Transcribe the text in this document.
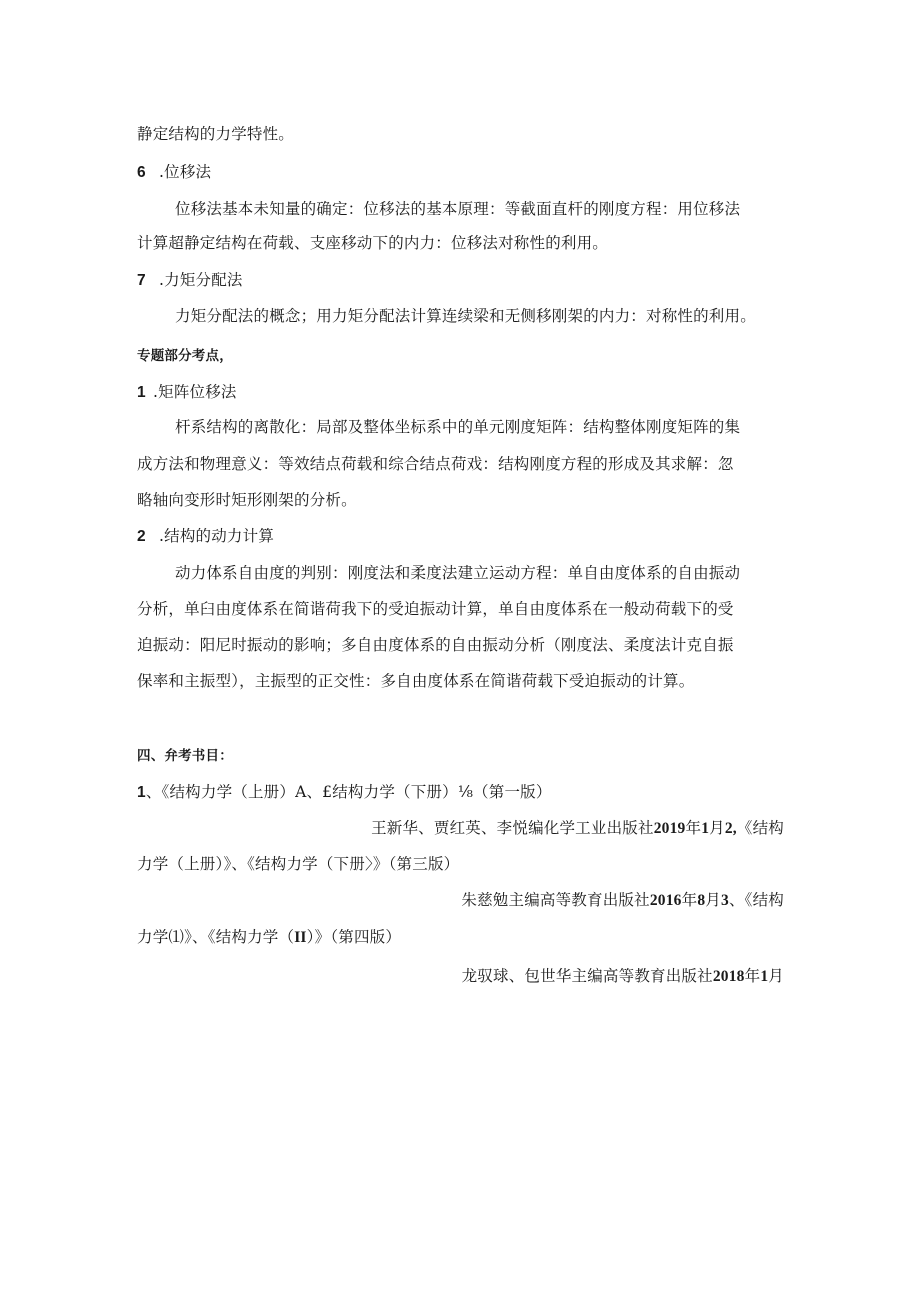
静定结构的力学特性。
6 .位移法
位移法基本未知量的确定：位移法的基本原理：等截面直杆的刚度方程：用位移法
计算超静定结构在荷载、支座移动下的内力：位移法对称性的利用。
7 .力矩分配法
力矩分配法的概念；用力矩分配法计算连续梁和无侧移刚架的内力：对称性的利用。
专题部分考点，
1 .矩阵位移法
杆系结构的离散化：局部及整体坐标系中的单元刚度矩阵：结构整体刚度矩阵的集
成方法和物理意义：等效结点荷载和综合结点荷戏：结构刚度方程的形成及其求解：忽
略轴向变形时矩形刚架的分析。
2 .结构的动力计算
动力体系自由度的判别：刚度法和柔度法建立运动方程：单自由度体系的自由振动
分析，单臼由度体系在简谐荷我下的受迫振动计算，单自由度体系在一般动荷载下的受
迫振动：阳尼时振动的影响；多自由度体系的自由振动分析（刚度法、柔度法计克自振
保率和主振型），主振型的正交性：多自由度体系在简谐荷载下受迫振动的计算。
四、弁考书目：
1、《结构力学（上册）A、£结构力学（下册）⅛（第一版）
王新华、贾红英、李悦编化学工业出版社2019年1月2,《结构
力学（上册）》、《结构力学（下册〉》（第三版）
朱慈勉主编高等教育出版社2016年8月3、《结构
力学⑴》、《结构力学（II）》（第四版）
龙驭球、包世华主编高等教育出版社2018年1月
